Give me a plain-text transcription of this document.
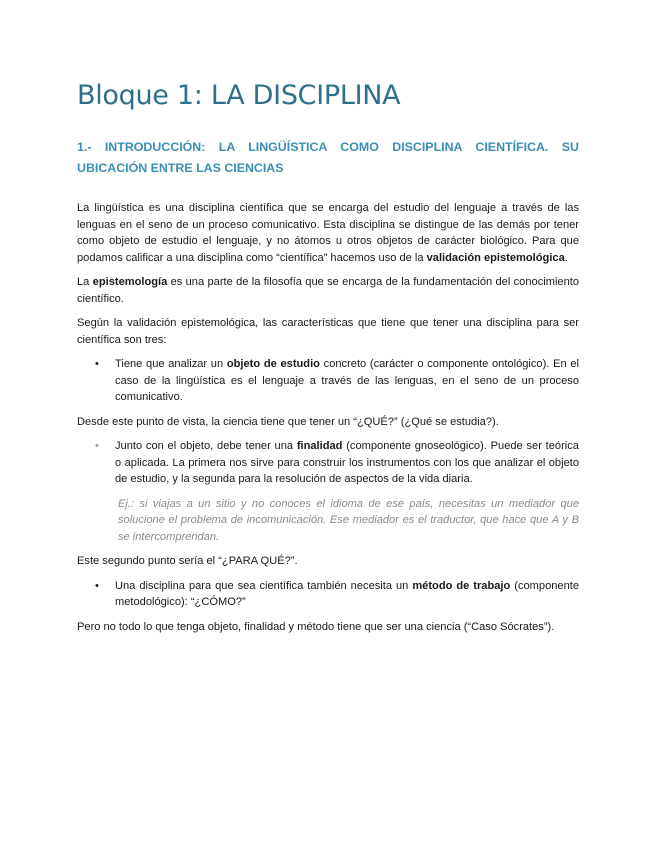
Bloque 1: LA DISCIPLINA
1.- INTRODUCCIÓN: LA LINGÜÍSTICA COMO DISCIPLINA CIENTÍFICA. SU UBICACIÓN ENTRE LAS CIENCIAS

La lingüística es una disciplina científica que se encarga del estudio del lenguaje a través de las lenguas en el seno de un proceso comunicativo. Esta disciplina se distingue de las demás por tener como objeto de estudio el lenguaje, y no átomos u otros objetos de carácter biológico. Para que podamos calificar a una disciplina como “científica” hacemos uso de la validación epistemológica.

La epistemología es una parte de la filosofía que se encarga de la fundamentación del conocimiento científico.

Según la validación epistemológica, las características que tiene que tener una disciplina para ser científica son tres:

• Tiene que analizar un objeto de estudio concreto (carácter o componente ontológico). En el caso de la lingüística es el lenguaje a través de las lenguas, en el seno de un proceso comunicativo.

Desde este punto de vista, la ciencia tiene que tener un “¿QUÉ?” (¿Qué se estudia?).

• Junto con el objeto, debe tener una finalidad (componente gnoseológico). Puede ser teórica o aplicada. La primera nos sirve para construir los instrumentos con los que analizar el objeto de estudio, y la segunda para la resolución de aspectos de la vida diaria.

Ej.: si viajas a un sitio y no conoces el idioma de ese país, necesitas un mediador que solucione el problema de incomunicación. Ese mediador es el traductor, que hace que A y B se intercomprendan.

Este segundo punto sería el “¿PARA QUÉ?”.

• Una disciplina para que sea científica también necesita un método de trabajo (componente metodológico): “¿CÓMO?”

Pero no todo lo que tenga objeto, finalidad y método tiene que ser una ciencia (“Caso Sócrates”).
